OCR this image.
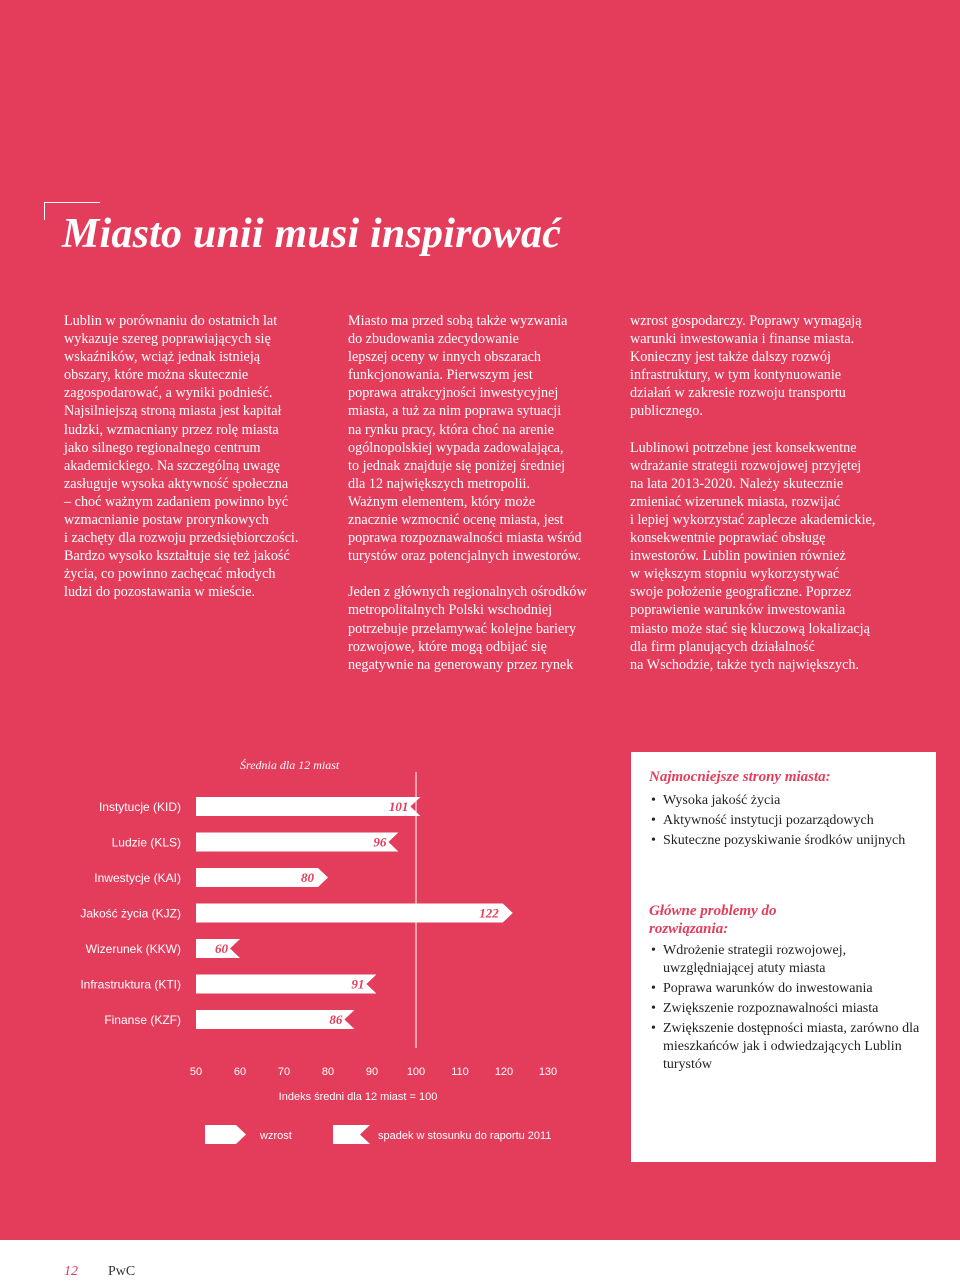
Miasto unii musi inspirować

Lublin w porównaniu do ostatnich lat
wykazuje szereg poprawiających się
wskaźników, wciąż jednak istnieją
obszary, które można skutecznie
zagospodarować, a wyniki podnieść.
Najsilniejszą stroną miasta jest kapitał
ludzki, wzmacniany przez rolę miasta
jako silnego regionalnego centrum
akademickiego. Na szczególną uwagę
zasługuje wysoka aktywność społeczna
– choć ważnym zadaniem powinno być
wzmacnianie postaw prorynkowych
i zachęty dla rozwoju przedsiębiorczości.
Bardzo wysoko kształtuje się też jakość
życia, co powinno zachęcać młodych
ludzi do pozostawania w mieście.

Miasto ma przed sobą także wyzwania
do zbudowania zdecydowanie
lepszej oceny w innych obszarach
funkcjonowania. Pierwszym jest
poprawa atrakcyjności inwestycyjnej
miasta, a tuż za nim poprawa sytuacji
na rynku pracy, która choć na arenie
ogólnopolskiej wypada zadowalająca,
to jednak znajduje się poniżej średniej
dla 12 największych metropolii.
Ważnym elementem, który może
znacznie wzmocnić ocenę miasta, jest
poprawa rozpoznawalności miasta wśród
turystów oraz potencjalnych inwestorów.

Jeden z głównych regionalnych ośrodków
metropolitalnych Polski wschodniej
potrzebuje przełamywać kolejne bariery
rozwojowe, które mogą odbijać się
negatywnie na generowany przez rynek

wzrost gospodarczy. Poprawy wymagają
warunki inwestowania i finanse miasta.
Konieczny jest także dalszy rozwój
infrastruktury, w tym kontynuowanie
działań w zakresie rozwoju transportu
publicznego.

Lublinowi potrzebne jest konsekwentne
wdrażanie strategii rozwojowej przyjętej
na lata 2013-2020. Należy skutecznie
zmieniać wizerunek miasta, rozwijać
i lepiej wykorzystać zaplecze akademickie,
konsekwentnie poprawiać obsługę
inwestorów. Lublin powinien również
w większym stopniu wykorzystywać
swoje położenie geograficzne. Poprzez
poprawienie warunków inwestowania
miasto może stać się kluczową lokalizacją
dla firm planujących działalność
na Wschodzie, także tych największych.

Średnia dla 12 miast
Instytucje (KID)	101
Ludzie (KLS)	96
Inwestycje (KAI)	80
Jakość życia (KJZ)	122
Wizerunek (KKW)	60
Infrastruktura (KTI)	91
Finanse (KZF)	86
50	60	70	80	90	100 110 120 130
Indeks średni dla 12 miast = 100
wzrost	spadek w stosunku do raportu 2011
Najmocniejsze strony miasta:
• Wysoka jakość życia
• Aktywność instytucji pozarządowych
• Skuteczne pozyskiwanie środków unijnych
Główne problemy do rozwiązania:
• Wdrożenie strategii rozwojowej, uwzględniającej atuty miasta
• Poprawa warunków do inwestowania
• Zwiększenie rozpoznawalności miasta
• Zwiększenie dostępności miasta, zarówno dla mieszkańców jak i odwiedzających Lublin turystów
12 PwC
